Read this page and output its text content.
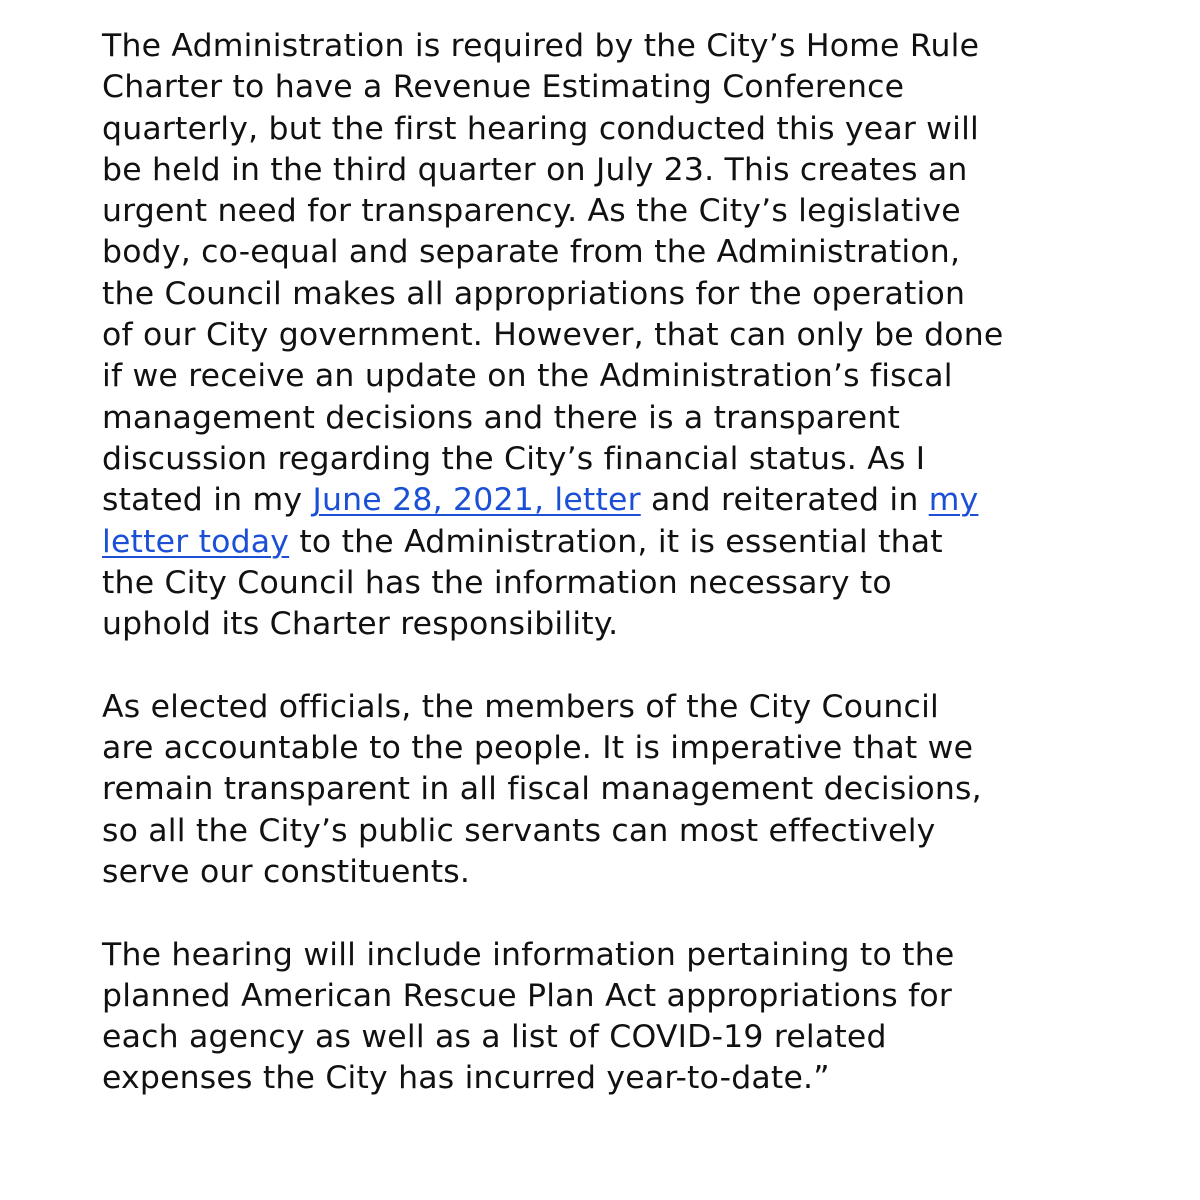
The Administration is required by the City’s Home Rule
Charter to have a Revenue Estimating Conference
quarterly, but the first hearing conducted this year will
be held in the third quarter on July 23. This creates an
urgent need for transparency. As the City’s legislative
body, co-equal and separate from the Administration,
the Council makes all appropriations for the operation
of our City government. However, that can only be done
if we receive an update on the Administration’s fiscal
management decisions and there is a transparent
discussion regarding the City’s financial status. As I
stated in my June 28, 2021, letter and reiterated in my
letter today to the Administration, it is essential that
the City Council has the information necessary to
uphold its Charter responsibility.

As elected officials, the members of the City Council
are accountable to the people. It is imperative that we
remain transparent in all fiscal management decisions,
so all the City’s public servants can most effectively
serve our constituents.

The hearing will include information pertaining to the
planned American Rescue Plan Act appropriations for
each agency as well as a list of COVID-19 related
expenses the City has incurred year-to-date.”
